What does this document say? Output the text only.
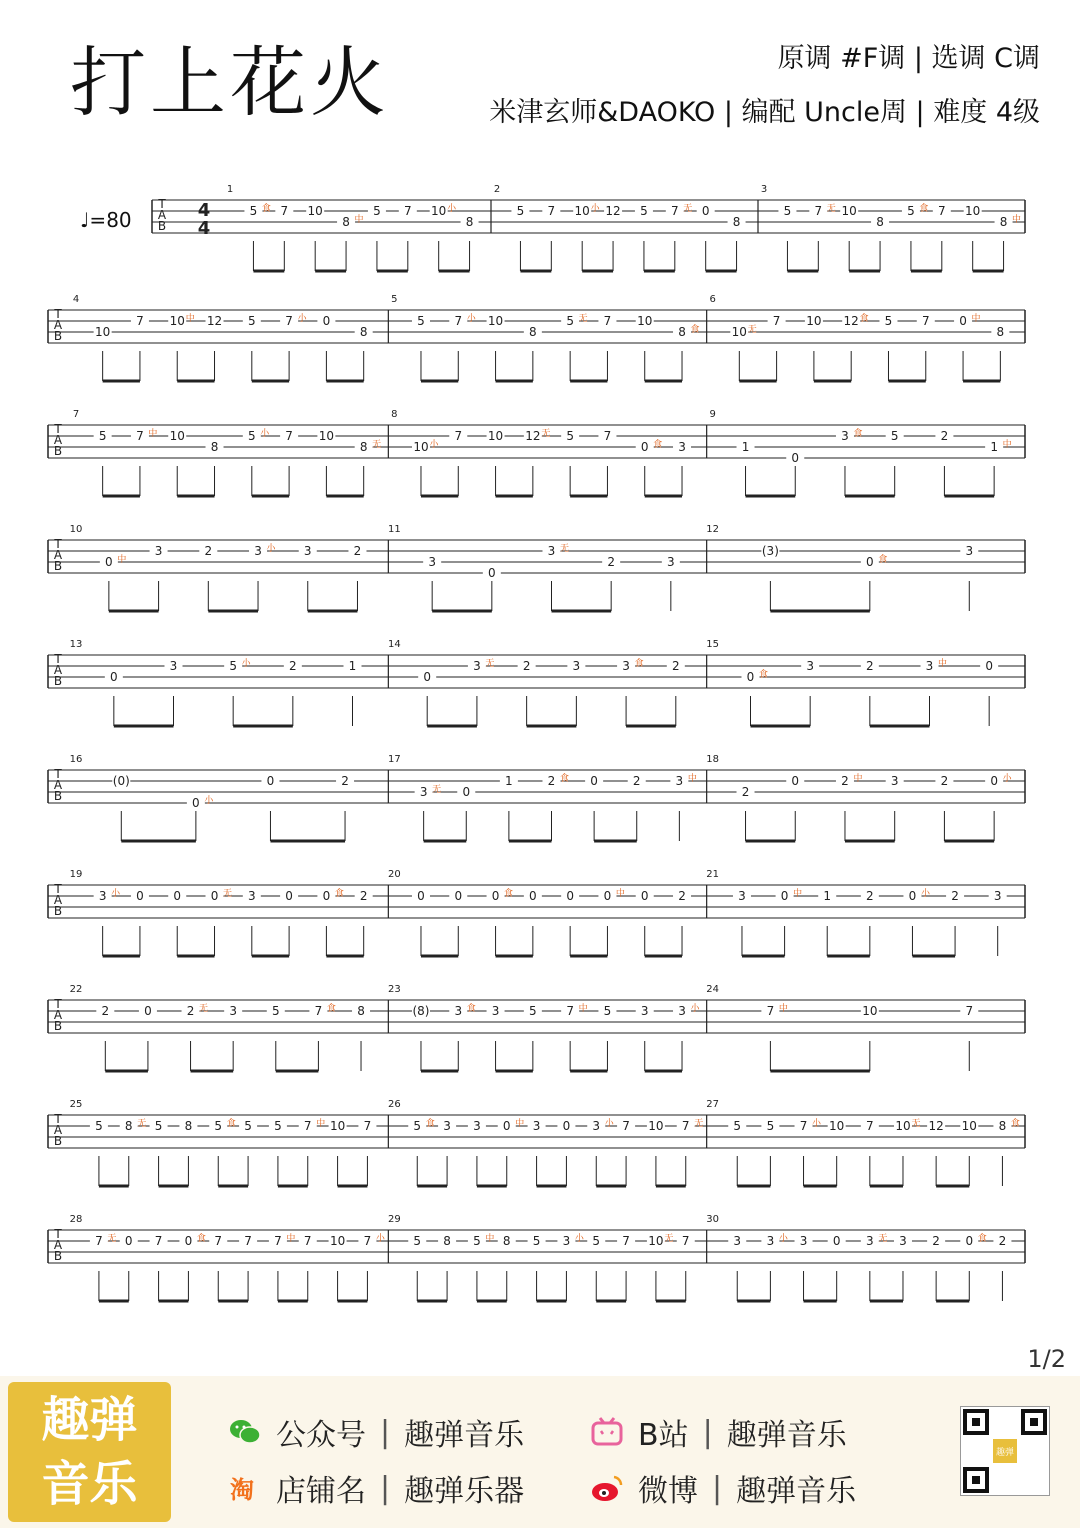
打上花火	原调 #F调 | 选调 C调
米津玄师&DAOKO | 编配 Uncle周 | 难度 4级
♩=80
T
A
B
4
4
1
5 食 7 10
8 中
5 7 10 小
8
2
5 7 10 小 12 5 7 无 0
8
3
5 7 无 10
8
5 食 7 10
8 中
T
A
B
4
10
7 10 中 12 5 7 小 0
8
5
5 7 小 10
8
5 无 7 10
8 食
6
10 无
7 10 12 食 5 7 0 中
8
T
A
B
7
5 7 中 10
8
5 小 7 10
8 无
8
10 小
7 10 12 无 5 7
0 食 3
9
1
0
3 食 5	2
1 中
T
A
B
10
0 中
3	2	3 小 3	2
11
3
0
3 无
2	3
12
(3)
0 食
3
T
A
B
13
0
3	5 小	2	1
14
0
3 无 2	3	3 食 2
15
0 食
3	2	3 中	0
T
A
B
16
(0)
0 小
0	2
17
3 无 0
1	2 食 0	2	3 中
18
2
0	2 中 3	2	0 小
T
A
B
19
3 小 0 0 0 无 3 0 0 食 2
20
0 0 0 食 0 0 0 中 0 2
21
3	0 中 1	2	0 小 2	3
T
A
B
22
2	0	2 无 3	5	7 食 8
23
(8) 3 食 3 5 7 中 5 3 3 小
24
7 中	10	7
T
A
B
25
5 8 无 5 8 5 食 5 5 7 中 10 7
26
5 食 3 3 0 中 3 0 3 小 7 10 7 无
27
5 5 7 小 10 7 10 无 12 10 8 食
T
A
B
28
7 无 0 7 0 食 7 7 7 中 7 10 7 小
29
5 8 5 中 8 5 3 小 5 7 10 无 7
30
3 3 小 3 0 3 无 3 2 0 食 2
1/2
趣弹
音乐
公众号 | 趣弹音乐	B站 | 趣弹音乐
淘 店铺名 | 趣弹乐器	微博 | 趣弹音乐
趣弹
